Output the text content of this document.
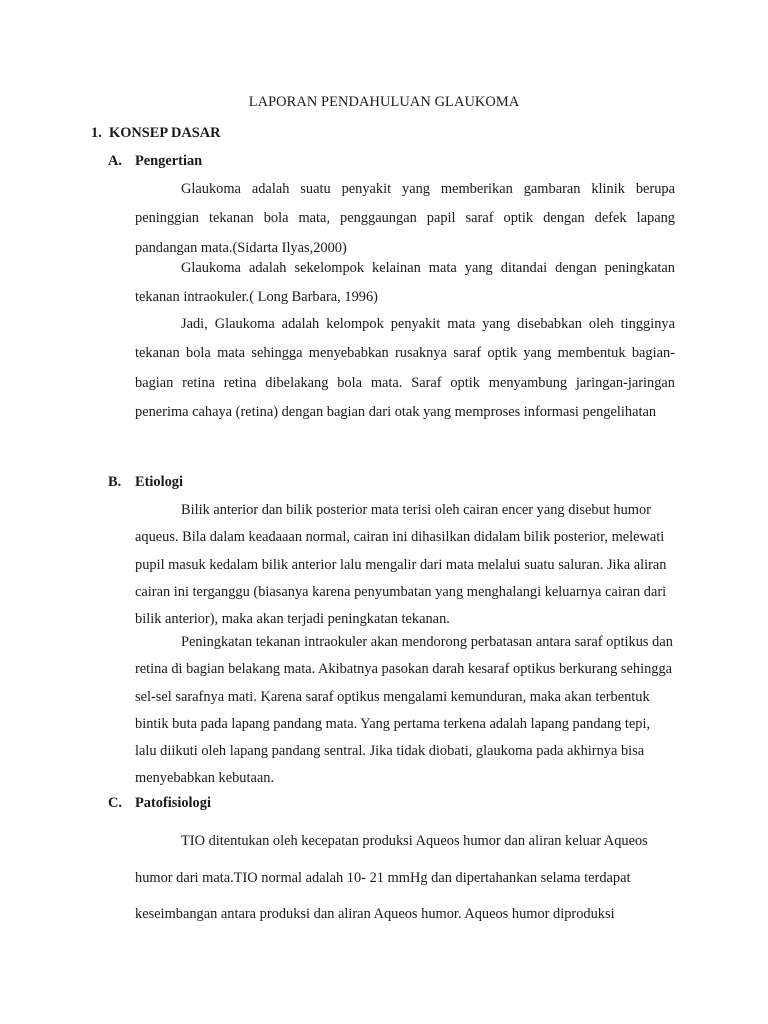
LAPORAN PENDAHULUAN GLAUKOMA
1. KONSEP DASAR
A. Pengertian

Glaukoma adalah suatu penyakit yang memberikan gambaran klinik berupa peninggian tekanan bola mata, penggaungan papil saraf optik dengan defek lapang pandangan mata.(Sidarta Ilyas,2000)

Glaukoma adalah sekelompok kelainan mata yang ditandai dengan peningkatan tekanan intraokuler.( Long Barbara, 1996)

Jadi, Glaukoma adalah kelompok penyakit mata yang disebabkan oleh tingginya tekanan bola mata sehingga menyebabkan rusaknya saraf optik yang membentuk bagian-bagian retina retina dibelakang bola mata. Saraf optik menyambung jaringan-jaringan penerima cahaya (retina) dengan bagian dari otak yang memproses informasi pengelihatan

B. Etiologi

Bilik anterior dan bilik posterior mata terisi oleh cairan encer yang disebut humor aqueus. Bila dalam keadaaan normal, cairan ini dihasilkan didalam bilik posterior, melewati pupil masuk kedalam bilik anterior lalu mengalir dari mata melalui suatu saluran. Jika aliran cairan ini terganggu (biasanya karena penyumbatan yang menghalangi keluarnya cairan dari bilik anterior), maka akan terjadi peningkatan tekanan.

Peningkatan tekanan intraokuler akan mendorong perbatasan antara saraf optikus dan retina di bagian belakang mata. Akibatnya pasokan darah kesaraf optikus berkurang sehingga sel-sel sarafnya mati. Karena saraf optikus mengalami kemunduran, maka akan terbentuk bintik buta pada lapang pandang mata. Yang pertama terkena adalah lapang pandang tepi, lalu diikuti oleh lapang pandang sentral. Jika tidak diobati, glaukoma pada akhirnya bisa menyebabkan kebutaan.

C. Patofisiologi

TIO ditentukan oleh kecepatan produksi Aqueos humor dan aliran keluar Aqueos humor dari mata.TIO normal adalah 10- 21 mmHg dan dipertahankan selama terdapat keseimbangan antara produksi dan aliran Aqueos humor. Aqueos humor diproduksi
